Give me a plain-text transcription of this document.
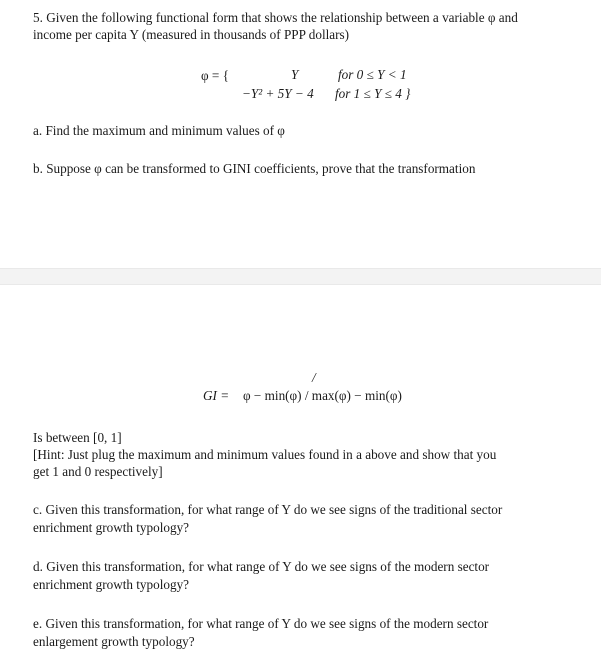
5. Given the following functional form that shows the relationship between a variable φ and
income per capita Y (measured in thousands of PPP dollars)
φ = {	Y	for 0 ≤ Y < 1
−Y² + 5Y − 4 for 1 ≤ Y ≤ 4 }
a. Find the maximum and minimum values of φ
b. Suppose φ can be transformed to GINI coefficients, prove that the transformation
/
GI = φ − min(φ) / max(φ) − min(φ)
Is between [0, 1]
[Hint: Just plug the maximum and minimum values found in a above and show that you
get 1 and 0 respectively]
c. Given this transformation, for what range of Y do we see signs of the traditional sector
enrichment growth typology?
d. Given this transformation, for what range of Y do we see signs of the modern sector
enrichment growth typology?
e. Given this transformation, for what range of Y do we see signs of the modern sector
enlargement growth typology?
